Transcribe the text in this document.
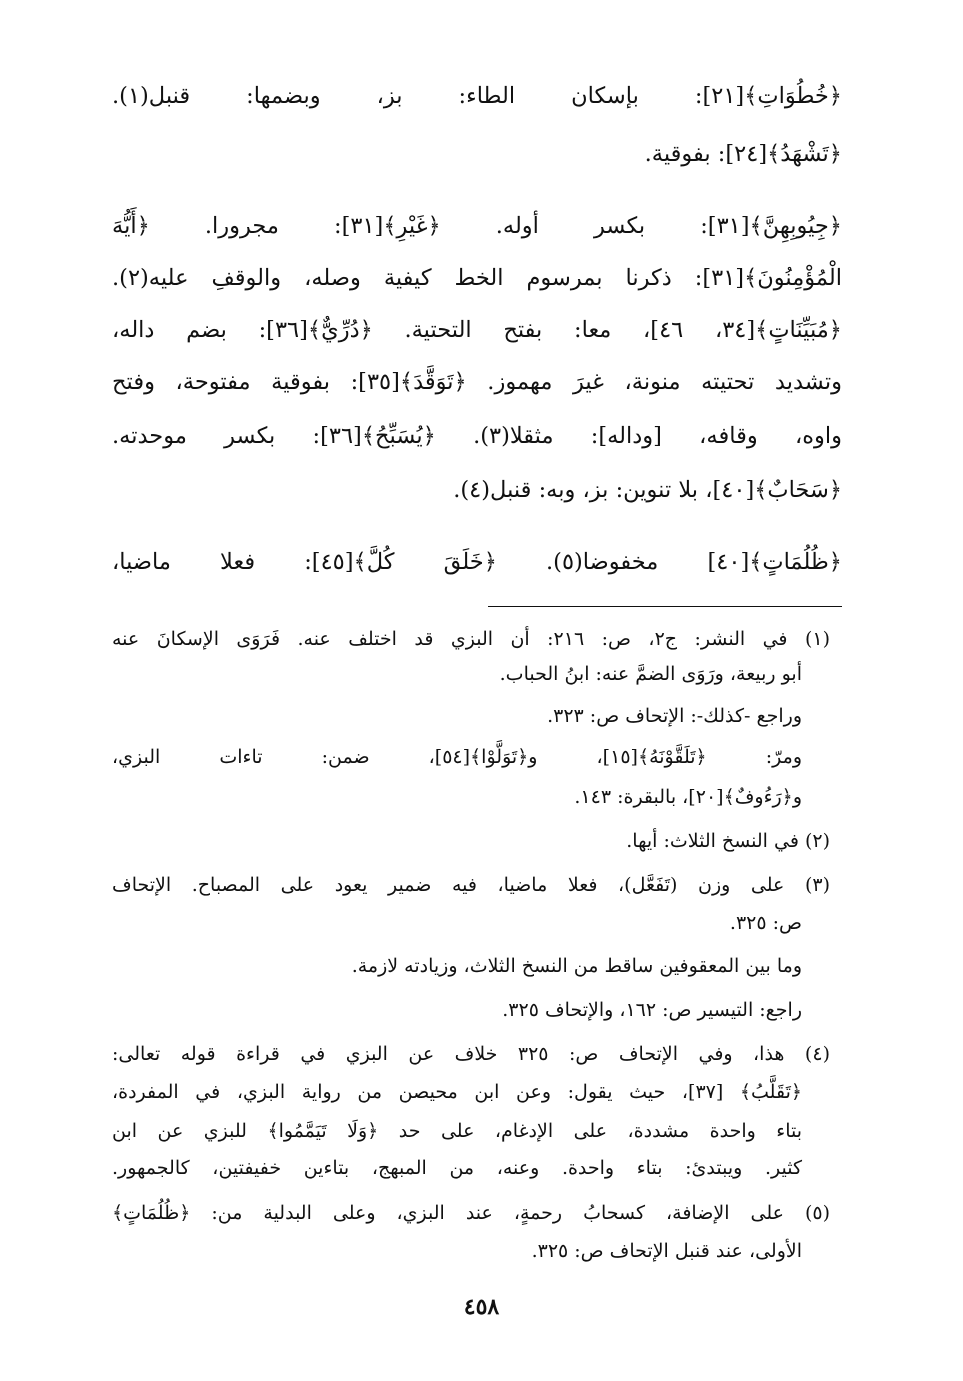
﴿خُطُوَاتِ﴾[٢١]: بإسكان الطاء: بز، وبضمها: قنبل(١).
﴿تَشْهَدُ﴾[٢٤]: بفوقية.
﴿جِيُوبِهِنَّ﴾[٣١]: بكسر أوله. ﴿غَيْرِ﴾[٣١]: مجرورا. ﴿أَيُّهَ
الْمُؤْمِنُونَ﴾[٣١]: ذكرنا بمرسوم الخط كيفية وصله، والوقفِ عليه(٢).
﴿مُبَيِّنَاتٍ﴾[٣٤، ٤٦]، معا: بفتح التحتية. ﴿دُرِّيٌّ﴾[٣٦]: بضم داله،
وتشديد تحتيته منونة، غيرَ مهموز. ﴿تَوَقَّدَ﴾[٣٥]: بفوقية مفتوحة، وفتح
واوه، وقافه، [وداله]: مثقلا(٣). ﴿يُسَبِّحُ﴾[٣٦]: بكسر موحدته.
﴿سَحَابٌ﴾[٤٠]، بلا تنوين: بز، وبه: قنبل(٤).
﴿ظُلُمَاتٍ﴾[٤٠] مخفوضا(٥). ﴿خَلَقَ كُلَّ﴾[٤٥]: فعلا ماضيا،
(١) في النشر: ج٢، ص: ٢١٦: أن البزي قد اختلف عنه. فَرَوَى الإسكانَ عنه
أبو ربيعة، ورَوَى الضمَّ عنه: ابنُ الحباب.
وراجع -كذلك-: الإتحاف ص: ٣٢٣.
ومرّ: ﴿تَلَقَّوْنَهُ﴾[١٥]، و﴿تَوَلَّوْا﴾[٥٤]، ضمن: تاءات البزي،
و﴿رَءُوفٌ﴾[٢٠]، بالبقرة: ١٤٣.
(٢) في النسخ الثلاث: أيها.
(٣) على وزن (تَفَعَّل)، فعلا ماضيا، فيه ضمير يعود على المصباح. الإتحاف
ص: ٣٢٥.
وما بين المعقوفين ساقط من النسخ الثلاث، وزيادته لازمة.
راجع: التيسير ص: ١٦٢، والإتحاف ٣٢٥.
(٤) هذا، وفي الإتحاف ص: ٣٢٥ خلاف عن البزي في قراءة قوله تعالى:
﴿تَقَلَّبُ﴾ [٣٧]، حيث يقول: وعن ابن محيصن من رواية البزي، في المفردة،
بتاء واحدة مشددة، على الإدغام، على حد ﴿وَلَا تَيَمَّمُوا﴾ للبزي عن ابن
كثير. ويبتدئ: بتاء واحدة. وعنه، من المبهج، بتاءين خفيفتين، كالجمهور.
(٥) على الإضافة، كسحابُ رحمةٍ، عند البزي، وعلى البدلية من: ﴿ظُلُمَاتٍ﴾
الأولى، عند قنبل الإتحاف ص: ٣٢٥.
٤٥٨
